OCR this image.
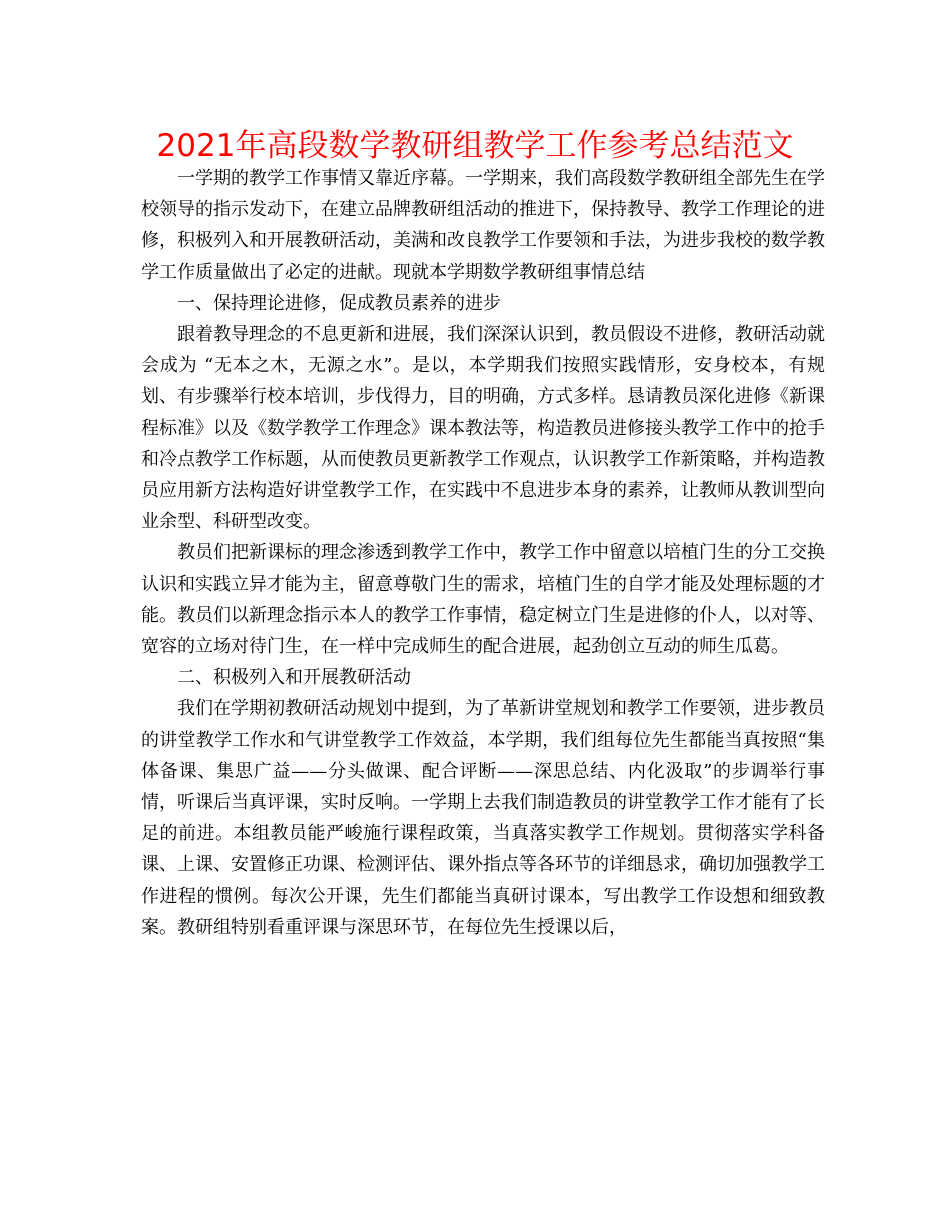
2021年高段数学教研组教学工作参考总结范文

一学期的教学工作事情又靠近序幕。一学期来，我们高段数学教研组全部先生在学校领导的指示发动下，在建立品牌教研组活动的推进下，保持教导、教学工作理论的进修，积极列入和开展教研活动，美满和改良教学工作要领和手法，为进步我校的数学教学工作质量做出了必定的进献。现就本学期数学教研组事情总结

一、保持理论进修，促成教员素养的进步

跟着教导理念的不息更新和进展，我们深深认识到，教员假设不进修，教研活动就会成为 “无本之木，无源之水”。是以，本学期我们按照实践情形，安身校本，有规划、有步骤举行校本培训，步伐得力，目的明确，方式多样。恳请教员深化进修《新课程标准》以及《数学教学工作理念》课本教法等，构造教员进修接头教学工作中的抢手和冷点教学工作标题，从而使教员更新教学工作观点，认识教学工作新策略，并构造教员应用新方法构造好讲堂教学工作，在实践中不息进步本身的素养，让教师从教训型向业余型、科研型改变。

教员们把新课标的理念渗透到教学工作中，教学工作中留意以培植门生的分工交换认识和实践立异才能为主，留意尊敬门生的需求，培植门生的自学才能及处理标题的才能。教员们以新理念指示本人的教学工作事情，稳定树立门生是进修的仆人，以对等、宽容的立场对待门生，在一样中完成师生的配合进展，起劲创立互动的师生瓜葛。

二、积极列入和开展教研活动

我们在学期初教研活动规划中提到，为了革新讲堂规划和教学工作要领，进步教员的讲堂教学工作水和气讲堂教学工作效益，本学期，我们组每位先生都能当真按照“集体备课、集思广益——分头做课、配合评断——深思总结、内化汲取”的步调举行事情，听课后当真评课，实时反响。一学期上去我们制造教员的讲堂教学工作才能有了长足的前进。本组教员能严峻施行课程政策，当真落实教学工作规划。贯彻落实学科备课、上课、安置修正功课、检测评估、课外指点等各环节的详细恳求，确切加强教学工作进程的惯例。每次公开课，先生们都能当真研讨课本，写出教学工作设想和细致教案。教研组特别看重评课与深思环节，在每位先生授课以后，
